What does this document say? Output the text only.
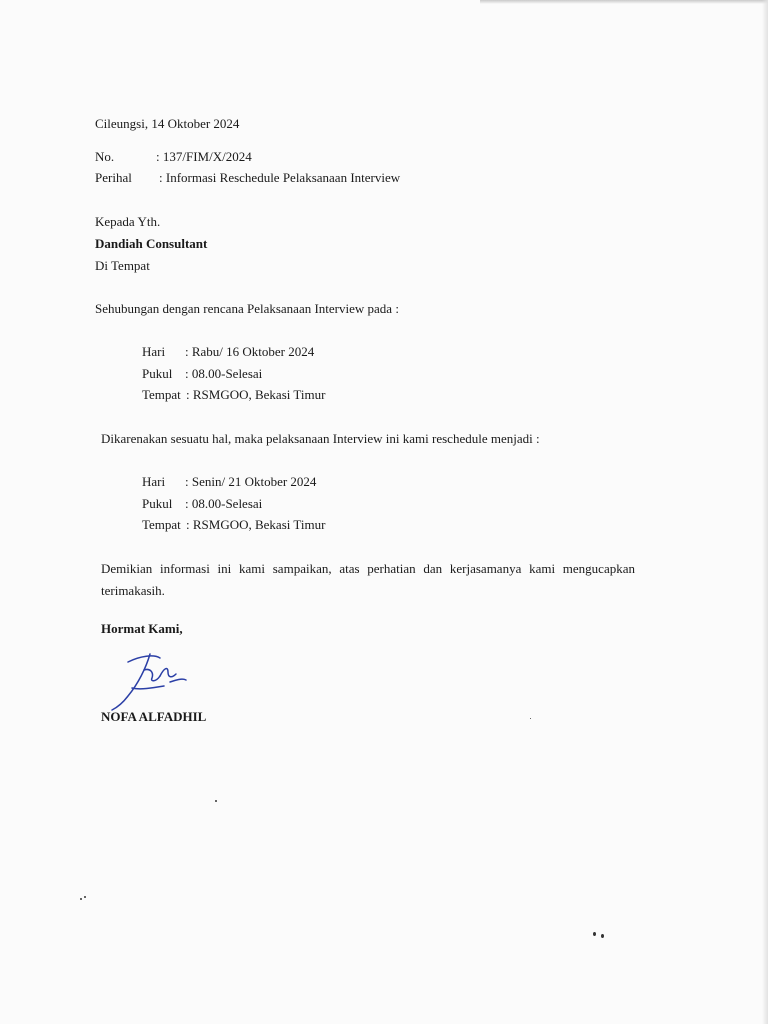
Cileungsi, 14 Oktober 2024
No.	: 137/FIM/X/2024
Perihal : Informasi Reschedule Pelaksanaan Interview
Kepada Yth.
Dandiah Consultant
Di Tempat
Sehubungan dengan rencana Pelaksanaan Interview pada :
Hari : Rabu/ 16 Oktober 2024
Pukul : 08.00-Selesai
Tempat : RSMGOO, Bekasi Timur
Dikarenakan sesuatu hal, maka pelaksanaan Interview ini kami reschedule menjadi :
Hari : Senin/ 21 Oktober 2024
Pukul : 08.00-Selesai
Tempat : RSMGOO, Bekasi Timur
Demikian informasi ini kami sampaikan, atas perhatian dan kerjasamanya kami mengucapkan
terimakasih.
Hormat Kami,
NOFA ALFADHIL
